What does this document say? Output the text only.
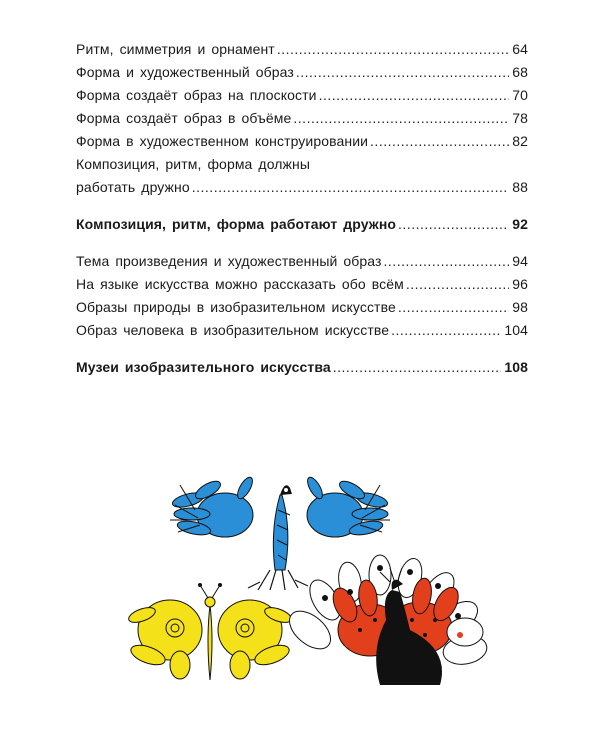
Ритм, симметрия и орнамент .....	64
Форма и художественный образ .....	68
Форма создаёт образ на плоскости .....	70
Форма создаёт образ в объёме .....	78
Форма в художественном конструировании .....	82
Композиция, ритм, форма должны
работать дружно .....	88
Композиция, ритм, форма работают дружно .....	92
Тема произведения и художественный образ .....	94
На языке искусства можно рассказать обо всём .....	96
Образы природы в изобразительном искусстве .....	98
Образ человека в изобразительном искусстве .....	104
Музеи изобразительного искусства .....	108
